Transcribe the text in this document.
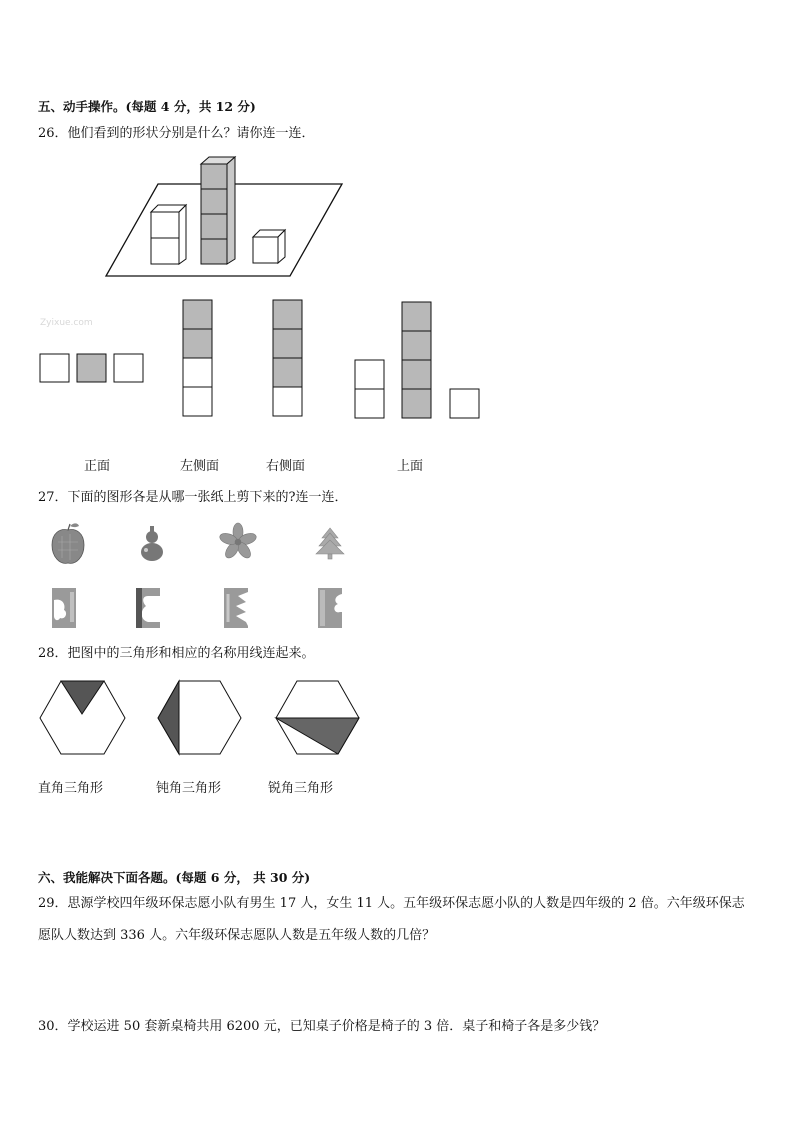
五、动手操作。(每题 4 分，共 12 分)
26．他们看到的形状分别是什么？请你连一连．
Zyixue.com
正面	左侧面	右侧面	上面
27．下面的图形各是从哪一张纸上剪下来的?连一连．
28．把图中的三角形和相应的名称用线连起来。
直角三角形	钝角三角形	锐角三角形
六、我能解决下面各题。(每题 6 分， 共 30 分)
29．思源学校四年级环保志愿小队有男生 17 人，女生 11 人。五年级环保志愿小队的人数是四年级的 2 倍。六年级环保志愿队人数达到 336 人。六年级环保志愿队人数是五年级人数的几倍？
30．学校运进 50 套新桌椅共用 6200 元，已知桌子价格是椅子的 3 倍．桌子和椅子各是多少钱？
